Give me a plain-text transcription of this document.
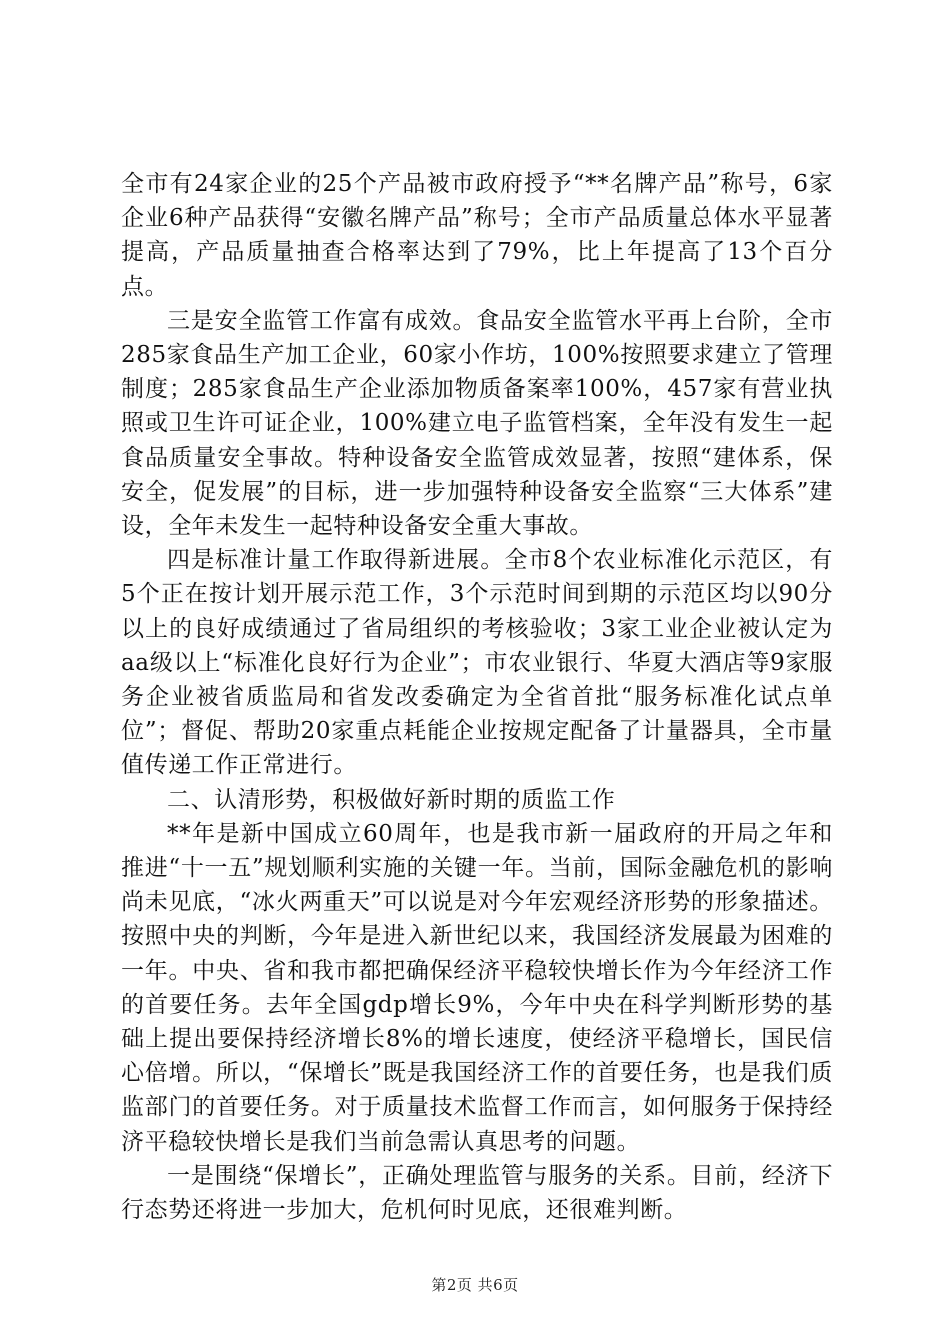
全市有24家企业的25个产品被市政府授予“**名牌产品”称号，6家企业6种产品获得“安徽名牌产品”称号；全市产品质量总体水平显著提高，产品质量抽查合格率达到了79%，比上年提高了13个百分点。

三是安全监管工作富有成效。食品安全监管水平再上台阶，全市285家食品生产加工企业，60家小作坊，100%按照要求建立了管理制度；285家食品生产企业添加物质备案率100%，457家有营业执照或卫生许可证企业，100%建立电子监管档案，全年没有发生一起食品质量安全事故。特种设备安全监管成效显著，按照“建体系，保安全，促发展”的目标，进一步加强特种设备安全监察“三大体系”建设，全年未发生一起特种设备安全重大事故。

四是标准计量工作取得新进展。全市8个农业标准化示范区，有5个正在按计划开展示范工作，3个示范时间到期的示范区均以90分以上的良好成绩通过了省局组织的考核验收；3家工业企业被认定为aa级以上“标准化良好行为企业”；市农业银行、华夏大酒店等9家服务企业被省质监局和省发改委确定为全省首批“服务标准化试点单位”；督促、帮助20家重点耗能企业按规定配备了计量器具，全市量值传递工作正常进行。

二、认清形势，积极做好新时期的质监工作

**年是新中国成立60周年，也是我市新一届政府的开局之年和推进“十一五”规划顺利实施的关键一年。当前，国际金融危机的影响尚未见底，“冰火两重天”可以说是对今年宏观经济形势的形象描述。按照中央的判断，今年是进入新世纪以来，我国经济发展最为困难的一年。中央、省和我市都把确保经济平稳较快增长作为今年经济工作的首要任务。去年全国gdp增长9%，今年中央在科学判断形势的基础上提出要保持经济增长8%的增长速度，使经济平稳增长，国民信心倍增。所以，“保增长”既是我国经济工作的首要任务，也是我们质监部门的首要任务。对于质量技术监督工作而言，如何服务于保持经济平稳较快增长是我们当前急需认真思考的问题。

一是围绕“保增长”，正确处理监管与服务的关系。目前，经济下行态势还将进一步加大，危机何时见底，还很难判断。

第2页 共6页
